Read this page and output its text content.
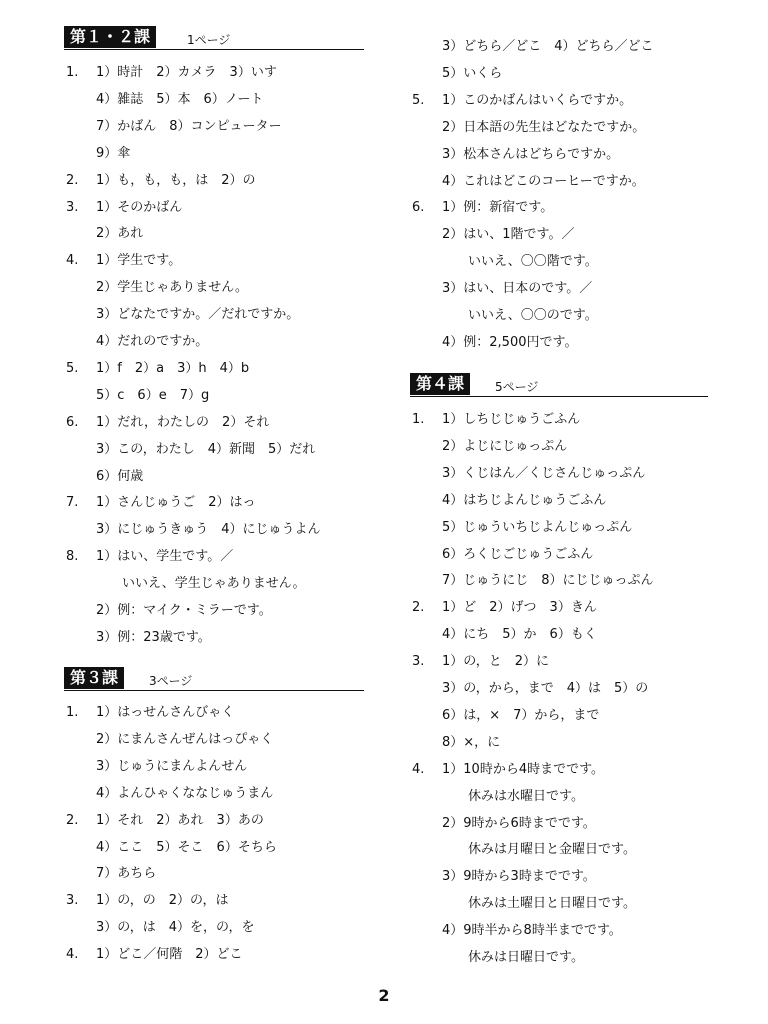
第１・２課	1ページ
1.	1）時計　2）カメラ　3）いす
4）雑誌　5）本　6）ノート
7）かばん　8）コンピューター
9）傘
2.	1）も，も，も，は　2）の
3.	1）そのかばん
2）あれ
4.	1）学生です。
2）学生じゃありません。
3）どなたですか。／だれですか。
4）だれのですか。
5.	1）f　2）a　3）h　4）b
5）c　6）e　7）g
6.	1）だれ，わたしの　2）それ
3）この，わたし　4）新聞　5）だれ
6）何歳
7.	1）さんじゅうご　2）はっ
3）にじゅうきゅう　4）にじゅうよん
8.	1）はい、学生です。／
いいえ、学生じゃありません。
2）例：マイク・ミラーです。
3）例：23歳です。
第３課	3ページ
1.	1）はっせんさんびゃく
2）にまんさんぜんはっぴゃく
3）じゅうにまんよんせん
4）よんひゃくななじゅうまん
2.	1）それ　2）あれ　3）あの
4）ここ　5）そこ　6）そちら
7）あちら
3.	1）の，の　2）の，は
3）の，は　4）を，の，を
4.	1）どこ／何階　2）どこ
3）どちら／どこ　4）どちら／どこ
5）いくら
5.	1）このかばんはいくらですか。
2）日本語の先生はどなたですか。
3）松本さんはどちらですか。
4）これはどこのコーヒーですか。
6.	1）例：新宿です。
2）はい、1階です。／
いいえ、〇〇階です。
3）はい、日本のです。／
いいえ、〇〇のです。
4）例：2,500円です。
第４課	5ページ
1.	1）しちじじゅうごふん
2）よじにじゅっぷん
3）くじはん／くじさんじゅっぷん
4）はちじよんじゅうごふん
5）じゅういちじよんじゅっぷん
6）ろくじごじゅうごふん
7）じゅうにじ　8）にじじゅっぷん
2.	1）ど　2）げつ　3）きん
4）にち　5）か　6）もく
3.	1）の，と　2）に
3）の，から，まで　4）は　5）の
6）は，×　7）から，まで
8）×，に
4.	1）10時から4時までです。
休みは水曜日です。
2）9時から6時までです。
休みは月曜日と金曜日です。
3）9時から3時までです。
休みは土曜日と日曜日です。
4）9時半から8時半までです。
休みは日曜日です。
2
